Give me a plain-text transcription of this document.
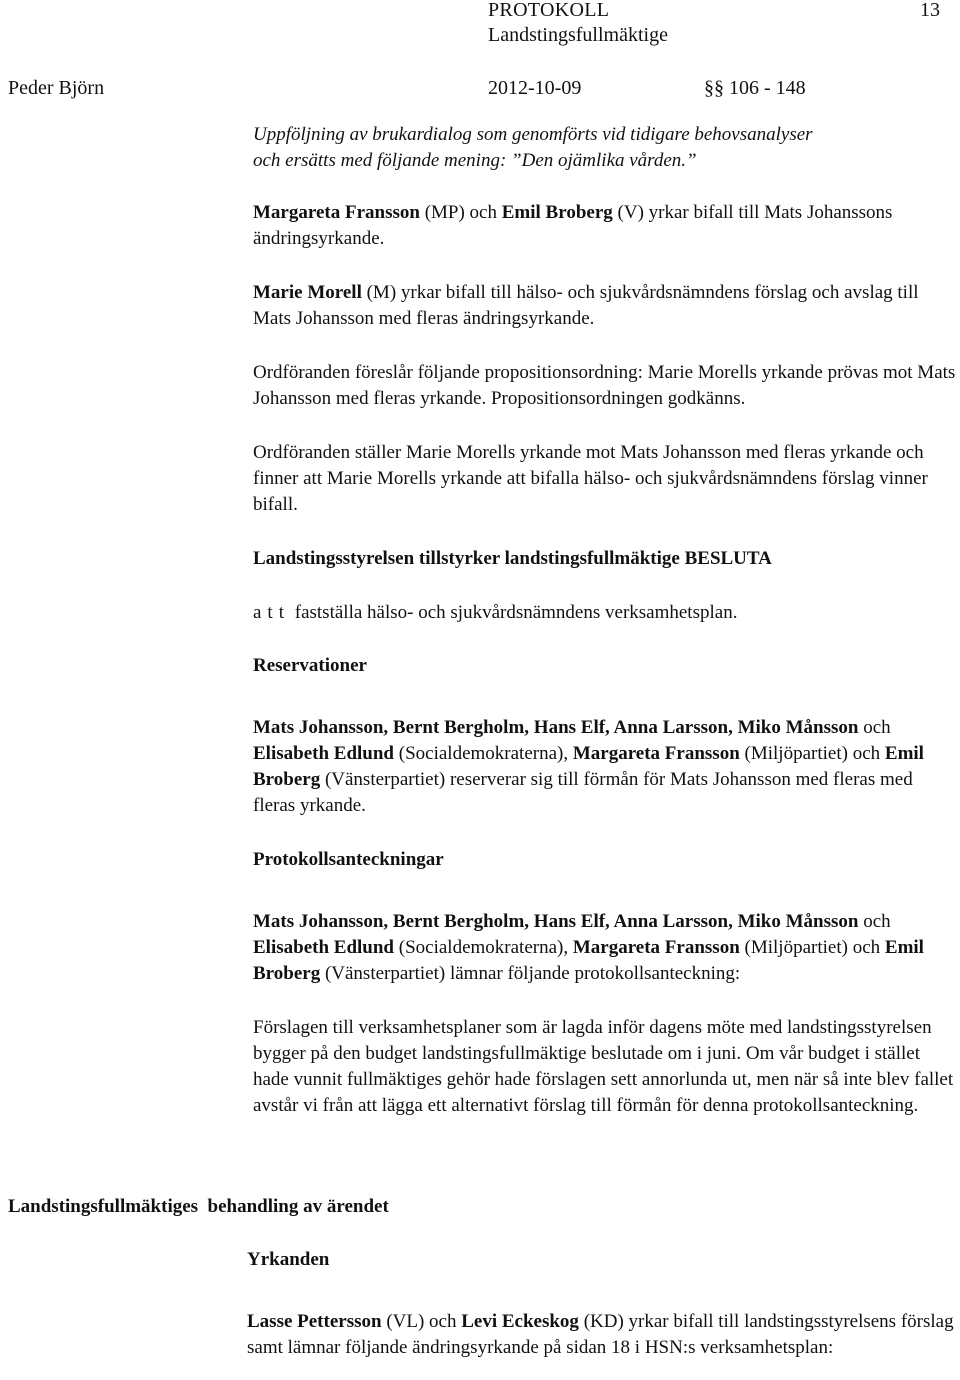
PROTOKOLL
Landstingsfullmäktige
13
Peder Björn	2012-10-09	§§ 106 - 148

Uppföljning av brukardialog som genomförts vid tidigare behovsanalyser
och ersätts med följande mening: ”Den ojämlika vården.”

Margareta Fransson (MP) och Emil Broberg (V) yrkar bifall till Mats Johanssons ändringsyrkande.

Marie Morell (M) yrkar bifall till hälso- och sjukvårdsnämndens förslag och avslag till Mats Johansson med fleras ändringsyrkande.

Ordföranden föreslår följande propositionsordning: Marie Morells yrkande prövas mot Mats Johansson med fleras yrkande. Propositionsordningen godkänns.

Ordföranden ställer Marie Morells yrkande mot Mats Johansson med fleras yrkande och finner att Marie Morells yrkande att bifalla hälso- och sjukvårdsnämndens förslag vinner bifall.

Landstingsstyrelsen tillstyrker landstingsfullmäktige BESLUTA

att fastställa hälso- och sjukvårdsnämndens verksamhetsplan.

Reservationer

Mats Johansson, Bernt Bergholm, Hans Elf, Anna Larsson, Miko Månsson och Elisabeth Edlund (Socialdemokraterna), Margareta Fransson (Miljöpartiet) och Emil Broberg (Vänsterpartiet) reserverar sig till förmån för Mats Johansson med fleras med fleras yrkande.

Protokollsanteckningar

Mats Johansson, Bernt Bergholm, Hans Elf, Anna Larsson, Miko Månsson och Elisabeth Edlund (Socialdemokraterna), Margareta Fransson (Miljöpartiet) och Emil Broberg (Vänsterpartiet) lämnar följande protokollsanteckning:

Förslagen till verksamhetsplaner som är lagda inför dagens möte med landstingsstyrelsen bygger på den budget landstingsfullmäktige beslutade om i juni. Om vår budget i stället hade vunnit fullmäktiges gehör hade förslagen sett annorlunda ut, men när så inte blev fallet avstår vi från att lägga ett alternativt förslag till förmån för denna protokollsanteckning.

Landstingsfullmäktiges  behandling av ärendet

Yrkanden

Lasse Pettersson (VL) och Levi Eckeskog (KD) yrkar bifall till landstingsstyrelsens förslag samt lämnar följande ändringsyrkande på sidan 18 i HSN:s verksamhetsplan:
